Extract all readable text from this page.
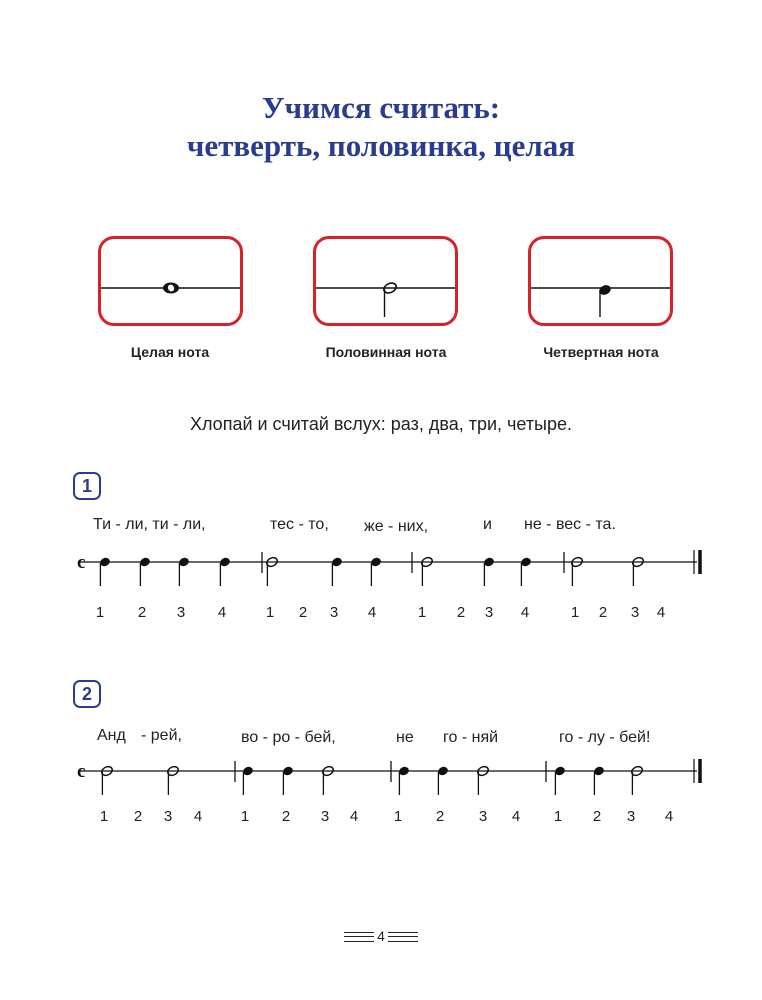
Учимся считать:
четверть, половинка, целая
Целая нота	Половинная нота	Четвертная нота
Хлопай и считай вслух: раз, два, три, четыре.
1
Ти - ли, ти - ли,	тес - то, же - них,	и не - вес - та.
c
1	2	3	4	1	2	3	4	1	2	3	4	1	2	3	4
2
Анд - рей,	во - ро - бей,	не го - няй	го - лу - бей!
c
1	2	3	4	1	2	3	4	1	2	3	4	1	2	3	4
4
